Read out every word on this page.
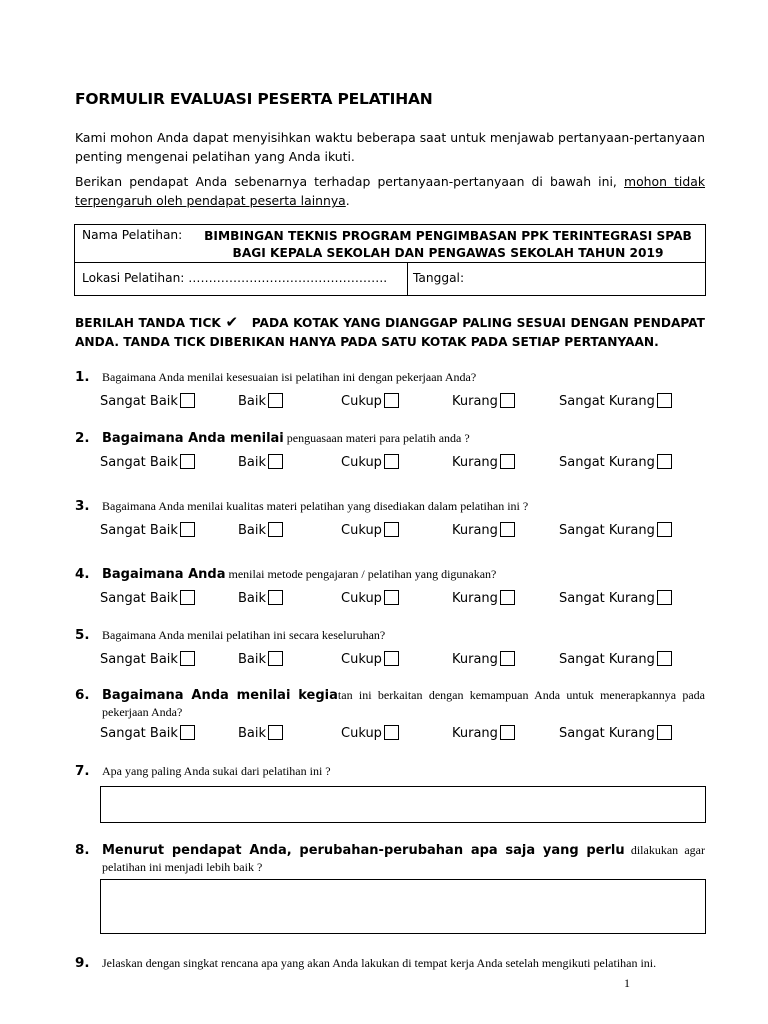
FORMULIR EVALUASI PESERTA PELATIHAN
Kami mohon Anda dapat menyisihkan waktu beberapa saat untuk menjawab pertanyaan-pertanyaan penting mengenai pelatihan yang Anda ikuti.
Berikan pendapat Anda sebenarnya terhadap pertanyaan-pertanyaan di bawah ini, mohon tidak terpengaruh oleh pendapat peserta lainnya.
Nama Pelatihan:	BIMBINGAN TEKNIS PROGRAM PENGIMBASAN PPK TERINTEGRASI SPAB BAGI KEPALA SEKOLAH DAN PENGAWAS SEKOLAH TAHUN 2019
Lokasi Pelatihan: …………………………………………. Tanggal:
BERILAH TANDA TICK ✔ PADA KOTAK YANG DIANGGAP PALING SESUAI DENGAN PENDAPAT ANDA. TANDA TICK DIBERIKAN HANYA PADA SATU KOTAK PADA SETIAP PERTANYAAN.
1. Bagaimana Anda menilai kesesuaian isi pelatihan ini dengan pekerjaan Anda?
Sangat Baik	Baik	Cukup	Kurang	Sangat Kurang
2. Bagaimana Anda menilai penguasaan materi para pelatih anda ?
Sangat Baik	Baik	Cukup	Kurang	Sangat Kurang
3. Bagaimana Anda menilai kualitas materi pelatihan yang disediakan dalam pelatihan ini ?
Sangat Baik	Baik	Cukup	Kurang	Sangat Kurang
4. Bagaimana Anda menilai metode pengajaran / pelatihan yang digunakan?
Sangat Baik	Baik	Cukup	Kurang	Sangat Kurang
5. Bagaimana Anda menilai pelatihan ini secara keseluruhan?
Sangat Baik	Baik	Cukup	Kurang	Sangat Kurang
6. Bagaimana Anda menilai kegiatan ini berkaitan dengan kemampuan Anda untuk menerapkannya pada pekerjaan Anda?
Sangat Baik	Baik	Cukup	Kurang	Sangat Kurang
7. Apa yang paling Anda sukai dari pelatihan ini ?
8. Menurut pendapat Anda, perubahan-perubahan apa saja yang perlu dilakukan agar pelatihan ini menjadi lebih baik ?
9. Jelaskan dengan singkat rencana apa yang akan Anda lakukan di tempat kerja Anda setelah mengikuti pelatihan ini.
1
